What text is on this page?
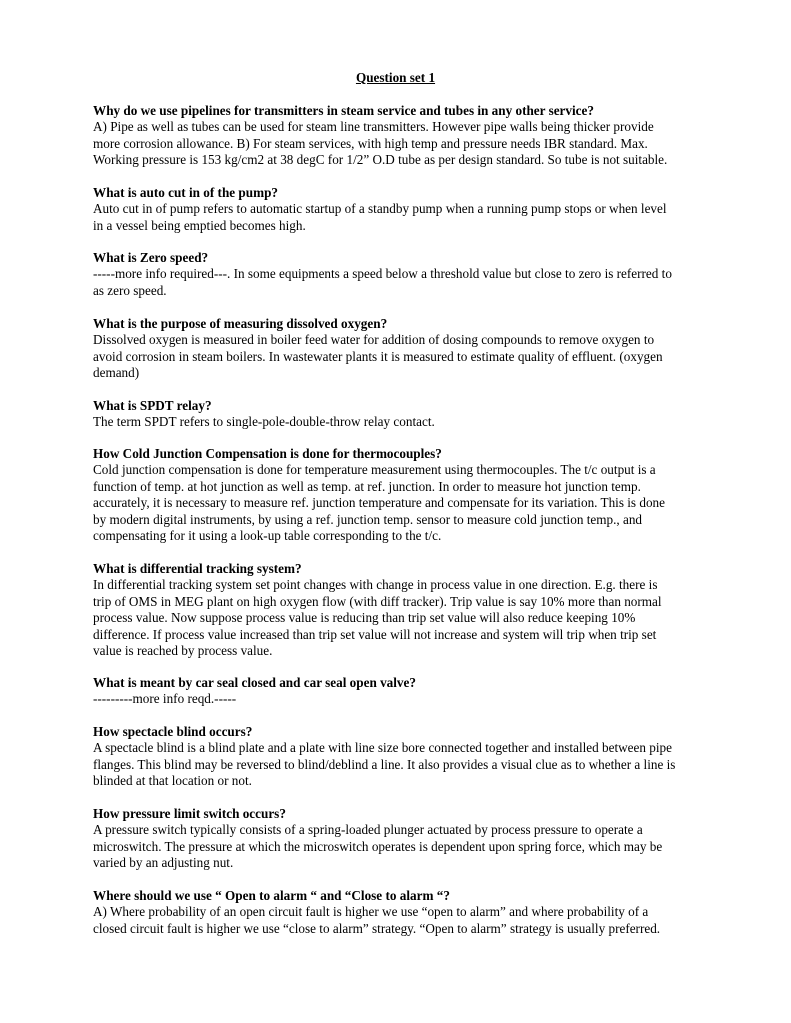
Question set 1
Why do we use pipelines for transmitters in steam service and tubes in any other service?
A) Pipe as well as tubes can be used for steam line transmitters. However pipe walls being thicker provide
more corrosion allowance. B) For steam services, with high temp and pressure needs IBR standard. Max.
Working pressure is 153 kg/cm2 at 38 degC for 1/2” O.D tube as per design standard. So tube is not suitable.
What is auto cut in of the pump?
Auto cut in of pump refers to automatic startup of a standby pump when a running pump stops or when level
in a vessel being emptied becomes high.
What is Zero speed?
-----more info required---. In some equipments a speed below a threshold value but close to zero is referred to
as zero speed.
What is the purpose of measuring dissolved oxygen?
Dissolved oxygen is measured in boiler feed water for addition of dosing compounds to remove oxygen to
avoid corrosion in steam boilers. In wastewater plants it is measured to estimate quality of effluent. (oxygen
demand)
What is SPDT relay?
The term SPDT refers to single-pole-double-throw relay contact.
How Cold Junction Compensation is done for thermocouples?
Cold junction compensation is done for temperature measurement using thermocouples. The t/c output is a
function of temp. at hot junction as well as temp. at ref. junction. In order to measure hot junction temp.
accurately, it is necessary to measure ref. junction temperature and compensate for its variation. This is done
by modern digital instruments, by using a ref. junction temp. sensor to measure cold junction temp., and
compensating for it using a look-up table corresponding to the t/c.
What is differential tracking system?
In differential tracking system set point changes with change in process value in one direction. E.g. there is
trip of OMS in MEG plant on high oxygen flow (with diff tracker). Trip value is say 10% more than normal
process value. Now suppose process value is reducing than trip set value will also reduce keeping 10%
difference. If process value increased than trip set value will not increase and system will trip when trip set
value is reached by process value.
What is meant by car seal closed and car seal open valve?
---------more info reqd.-----
How spectacle blind occurs?
A spectacle blind is a blind plate and a plate with line size bore connected together and installed between pipe
flanges. This blind may be reversed to blind/deblind a line. It also provides a visual clue as to whether a line is
blinded at that location or not.
How pressure limit switch occurs?
A pressure switch typically consists of a spring-loaded plunger actuated by process pressure to operate a
microswitch. The pressure at which the microswitch operates is dependent upon spring force, which may be
varied by an adjusting nut.
Where should we use “ Open to alarm “ and “Close to alarm “?
A) Where probability of an open circuit fault is higher we use “open to alarm” and where probability of a
closed circuit fault is higher we use “close to alarm” strategy. “Open to alarm” strategy is usually preferred.
